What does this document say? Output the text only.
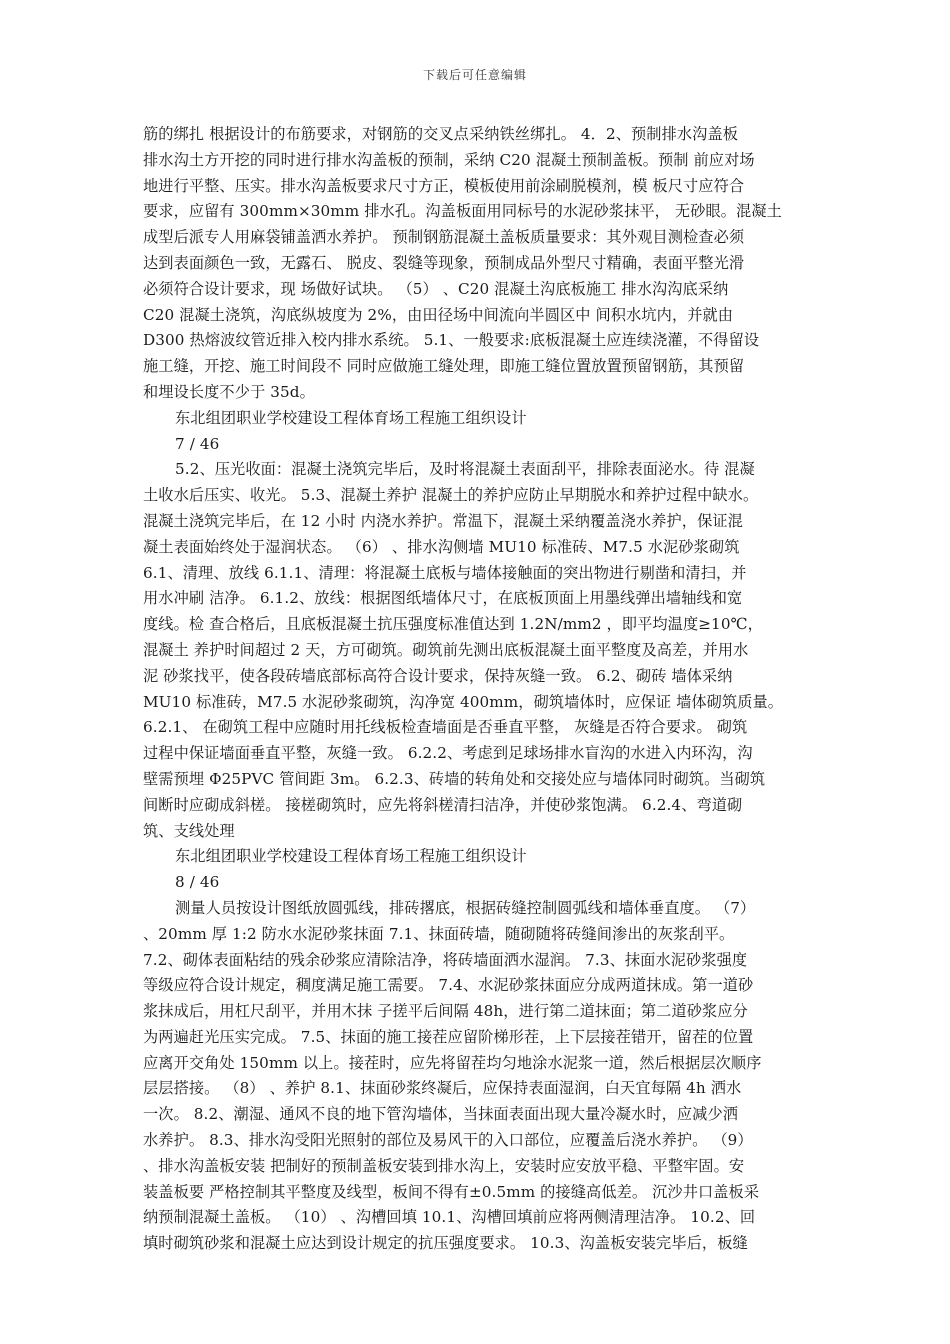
下载后可任意编辑
筋的绑扎 根据设计的布筋要求，对钢筋的交叉点采纳铁丝绑扎。 4．2、预制排水沟盖板
排水沟土方开挖的同时进行排水沟盖板的预制，采纳 C20 混凝土预制盖板。预制 前应对场
地进行平整、压实。排水沟盖板要求尺寸方正，模板使用前涂刷脱模剂，模 板尺寸应符合
要求，应留有 300mm×30mm 排水孔。沟盖板面用同标号的水泥砂浆抹平， 无砂眼。混凝土
成型后派专人用麻袋铺盖洒水养护。 预制钢筋混凝土盖板质量要求：其外观目测检查必须
达到表面颜色一致，无露石、 脱皮、裂缝等现象，预制成品外型尺寸精确，表面平整光滑
必须符合设计要求，现 场做好试块。 （5） 、C20 混凝土沟底板施工 排水沟沟底采纳
C20 混凝土浇筑，沟底纵坡度为 2%，由田径场中间流向半圆区中 间积水坑内，并就由
D300 热熔波纹管近排入校内排水系统。 5.1、一般要求:底板混凝土应连续浇灌，不得留设
施工缝，开挖、施工时间段不 同时应做施工缝处理，即施工缝位置放置预留钢筋，其预留
和埋设长度不少于 35d。
东北组团职业学校建设工程体育场工程施工组织设计
7 / 46
5.2、压光收面：混凝土浇筑完毕后，及时将混凝土表面刮平，排除表面泌水。待 混凝
土收水后压实、收光。 5.3、混凝土养护 混凝土的养护应防止早期脱水和养护过程中缺水。
混凝土浇筑完毕后，在 12 小时 内浇水养护。常温下，混凝土采纳覆盖浇水养护，保证混
凝土表面始终处于湿润状态。 （6） 、排水沟侧墙 MU10 标准砖、M7.5 水泥砂浆砌筑
6.1、清理、放线 6.1.1、清理：将混凝土底板与墙体接触面的突出物进行剔凿和清扫，并
用水冲刷 洁净。 6.1.2、放线：根据图纸墙体尺寸，在底板顶面上用墨线弹出墙轴线和宽
度线。检 查合格后，且底板混凝土抗压强度标准值达到 1.2N/mm2 ，即平均温度≥10℃，
混凝土 养护时间超过 2 天，方可砌筑。砌筑前先测出底板混凝土面平整度及高差，并用水
泥 砂浆找平，使各段砖墙底部标高符合设计要求，保持灰缝一致。 6.2、砌砖 墙体采纳
MU10 标准砖，M7.5 水泥砂浆砌筑，沟净宽 400mm，砌筑墙体时，应保证 墙体砌筑质量。
6.2.1、 在砌筑工程中应随时用托线板检查墙面是否垂直平整， 灰缝是否符合要求。 砌筑
过程中保证墙面垂直平整，灰缝一致。 6.2.2、考虑到足球场排水盲沟的水进入内环沟，沟
壁需预埋 Φ25PVC 管间距 3m。 6.2.3、砖墙的转角处和交接处应与墙体同时砌筑。当砌筑
间断时应砌成斜槎。 接槎砌筑时，应先将斜槎清扫洁净，并使砂浆饱满。 6.2.4、弯道砌
筑、支线处理
东北组团职业学校建设工程体育场工程施工组织设计
8 / 46
测量人员按设计图纸放圆弧线，排砖撂底，根据砖缝控制圆弧线和墙体垂直度。 （7）
、20mm 厚 1:2 防水水泥砂浆抹面 7.1、抹面砖墙，随砌随将砖缝间渗出的灰浆刮平。
7.2、砌体表面粘结的残余砂浆应清除洁净，将砖墙面洒水湿润。 7.3、抹面水泥砂浆强度
等级应符合设计规定，稠度满足施工需要。 7.4、水泥砂浆抹面应分成两道抹成。第一道砂
浆抹成后，用杠尺刮平，并用木抹 子搓平后间隔 48h，进行第二道抹面；第二道砂浆应分
为两遍赶光压实完成。 7.5、抹面的施工接茬应留阶梯形茬，上下层接茬错开，留茬的位置
应离开交角处 150mm 以上。接茬时，应先将留茬均匀地涂水泥浆一道，然后根据层次顺序
层层搭接。 （8） 、养护 8.1、抹面砂浆终凝后，应保持表面湿润，白天宜每隔 4h 洒水
一次。 8.2、潮湿、通风不良的地下管沟墙体，当抹面表面出现大量冷凝水时，应减少洒
水养护。 8.3、排水沟受阳光照射的部位及易风干的入口部位，应覆盖后浇水养护。 （9）
、排水沟盖板安装 把制好的预制盖板安装到排水沟上，安装时应安放平稳、平整牢固。安
装盖板要 严格控制其平整度及线型，板间不得有±0.5mm 的接缝高低差。 沉沙井口盖板采
纳预制混凝土盖板。 （10） 、沟槽回填 10.1、沟槽回填前应将两侧清理洁净。 10.2、回
填时砌筑砂浆和混凝土应达到设计规定的抗压强度要求。 10.3、沟盖板安装完毕后，板缝
